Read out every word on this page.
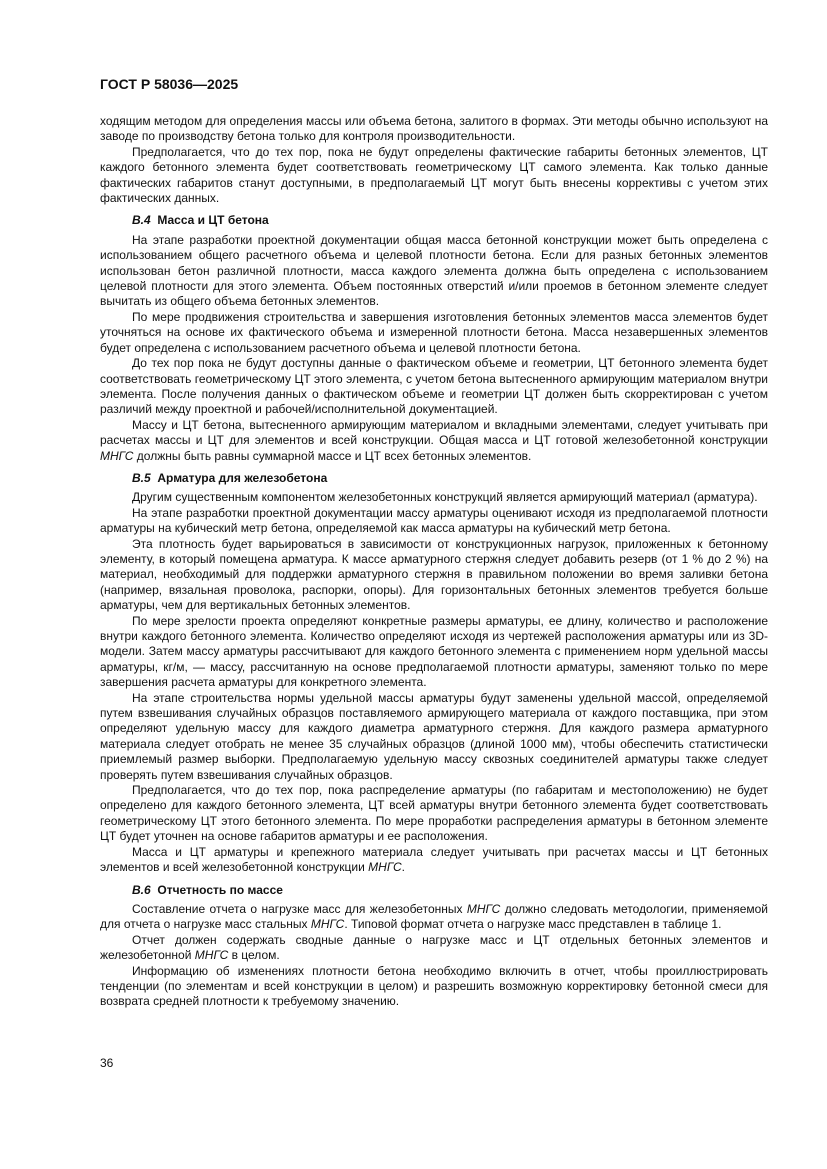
ГОСТ Р 58036—2025

ходящим методом для определения массы или объема бетона, залитого в формах. Эти методы обычно используют на заводе по производству бетона только для контроля производительности.

Предполагается, что до тех пор, пока не будут определены фактические габариты бетонных элементов, ЦТ каждого бетонного элемента будет соответствовать геометрическому ЦТ самого элемента. Как только данные фактических габаритов станут доступными, в предполагаемый ЦТ могут быть внесены коррективы с учетом этих фактических данных.

В.4 Масса и ЦТ бетона

На этапе разработки проектной документации общая масса бетонной конструкции может быть определена с использованием общего расчетного объема и целевой плотности бетона. Если для разных бетонных элементов использован бетон различной плотности, масса каждого элемента должна быть определена с использованием целевой плотности для этого элемента. Объем постоянных отверстий и/или проемов в бетонном элементе следует вычитать из общего объема бетонных элементов.

По мере продвижения строительства и завершения изготовления бетонных элементов масса элементов будет уточняться на основе их фактического объема и измеренной плотности бетона. Масса незавершенных элементов будет определена с использованием расчетного объема и целевой плотности бетона.

До тех пор пока не будут доступны данные о фактическом объеме и геометрии, ЦТ бетонного элемента будет соответствовать геометрическому ЦТ этого элемента, с учетом бетона вытесненного армирующим материалом внутри элемента. После получения данных о фактическом объеме и геометрии ЦТ должен быть скорректирован с учетом различий между проектной и рабочей/исполнительной документацией.

Массу и ЦТ бетона, вытесненного армирующим материалом и вкладными элементами, следует учитывать при расчетах массы и ЦТ для элементов и всей конструкции. Общая масса и ЦТ готовой железобетонной конструкции МНГС должны быть равны суммарной массе и ЦТ всех бетонных элементов.

В.5 Арматура для железобетона

Другим существенным компонентом железобетонных конструкций является армирующий материал (арматура).

На этапе разработки проектной документации массу арматуры оценивают исходя из предполагаемой плотности арматуры на кубический метр бетона, определяемой как масса арматуры на кубический метр бетона.

Эта плотность будет варьироваться в зависимости от конструкционных нагрузок, приложенных к бетонному элементу, в который помещена арматура. К массе арматурного стержня следует добавить резерв (от 1 % до 2 %) на материал, необходимый для поддержки арматурного стержня в правильном положении во время заливки бетона (например, вязальная проволока, распорки, опоры). Для горизонтальных бетонных элементов требуется больше арматуры, чем для вертикальных бетонных элементов.

По мере зрелости проекта определяют конкретные размеры арматуры, ее длину, количество и расположение внутри каждого бетонного элемента. Количество определяют исходя из чертежей расположения арматуры или из 3D-модели. Затем массу арматуры рассчитывают для каждого бетонного элемента с применением норм удельной массы арматуры, кг/м, — массу, рассчитанную на основе предполагаемой плотности арматуры, заменяют только по мере завершения расчета арматуры для конкретного элемента.

На этапе строительства нормы удельной массы арматуры будут заменены удельной массой, определяемой путем взвешивания случайных образцов поставляемого армирующего материала от каждого поставщика, при этом определяют удельную массу для каждого диаметра арматурного стержня. Для каждого размера арматурного материала следует отобрать не менее 35 случайных образцов (длиной 1000 мм), чтобы обеспечить статистически приемлемый размер выборки. Предполагаемую удельную массу сквозных соединителей арматуры также следует проверять путем взвешивания случайных образцов.

Предполагается, что до тех пор, пока распределение арматуры (по габаритам и местоположению) не будет определено для каждого бетонного элемента, ЦТ всей арматуры внутри бетонного элемента будет соответствовать геометрическому ЦТ этого бетонного элемента. По мере проработки распределения арматуры в бетонном элементе ЦТ будет уточнен на основе габаритов арматуры и ее расположения.

Масса и ЦТ арматуры и крепежного материала следует учитывать при расчетах массы и ЦТ бетонных элементов и всей железобетонной конструкции МНГС.

В.6 Отчетность по массе

Составление отчета о нагрузке масс для железобетонных МНГС должно следовать методологии, применяемой для отчета о нагрузке масс стальных МНГС. Типовой формат отчета о нагрузке масс представлен в таблице 1.

Отчет должен содержать сводные данные о нагрузке масс и ЦТ отдельных бетонных элементов и железобетонной МНГС в целом.

Информацию об изменениях плотности бетона необходимо включить в отчет, чтобы проиллюстрировать тенденции (по элементам и всей конструкции в целом) и разрешить возможную корректировку бетонной смеси для возврата средней плотности к требуемому значению.

36
